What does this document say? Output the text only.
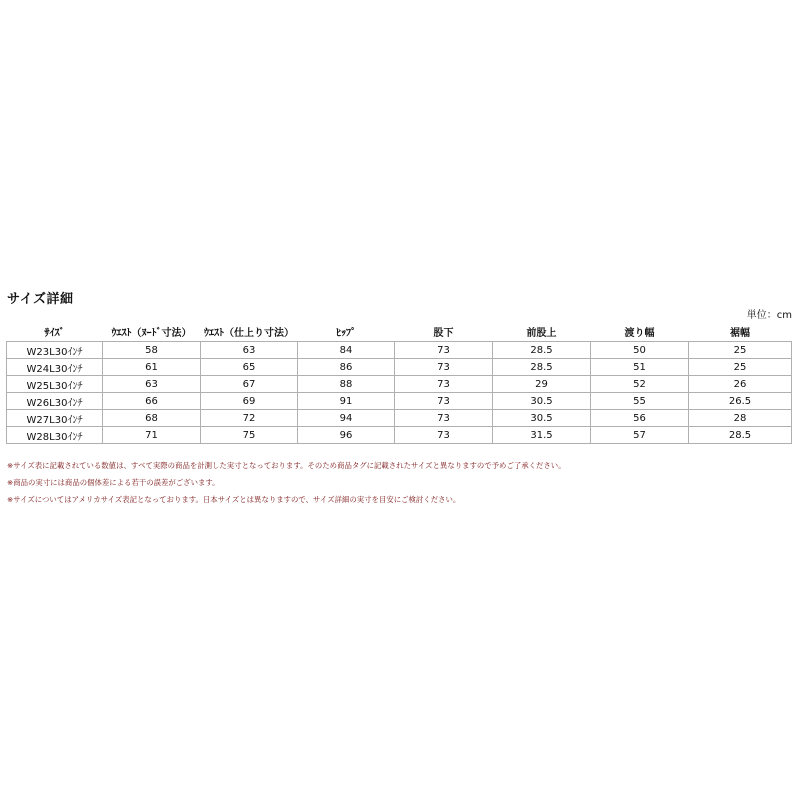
サイズ詳細
単位：cm
ｻｲｽﾞ	ｳｴｽﾄ（ﾇｰﾄﾞ寸法）	ｳｴｽﾄ（仕上り寸法）	ﾋｯﾌﾟ	股下	前股上	渡り幅	裾幅
W23L30ｲﾝﾁ	58	63	84	73	28.5	50	25
W24L30ｲﾝﾁ	61	65	86	73	28.5	51	25
W25L30ｲﾝﾁ	63	67	88	73	29	52	26
W26L30ｲﾝﾁ	66	69	91	73	30.5	55	26.5
W27L30ｲﾝﾁ	68	72	94	73	30.5	56	28
W28L30ｲﾝﾁ	71	75	96	73	31.5	57	28.5

※サイズ表に記載されている数値は、すべて実際の商品を計測した実寸となっております。そのため商品タグに記載されたサイズと異なりますので予めご了承ください。

※商品の実寸には商品の個体差による若干の誤差がございます。

※サイズについてはアメリカサイズ表記となっております。日本サイズとは異なりますので、サイズ詳細の実寸を目安にご検討ください。
